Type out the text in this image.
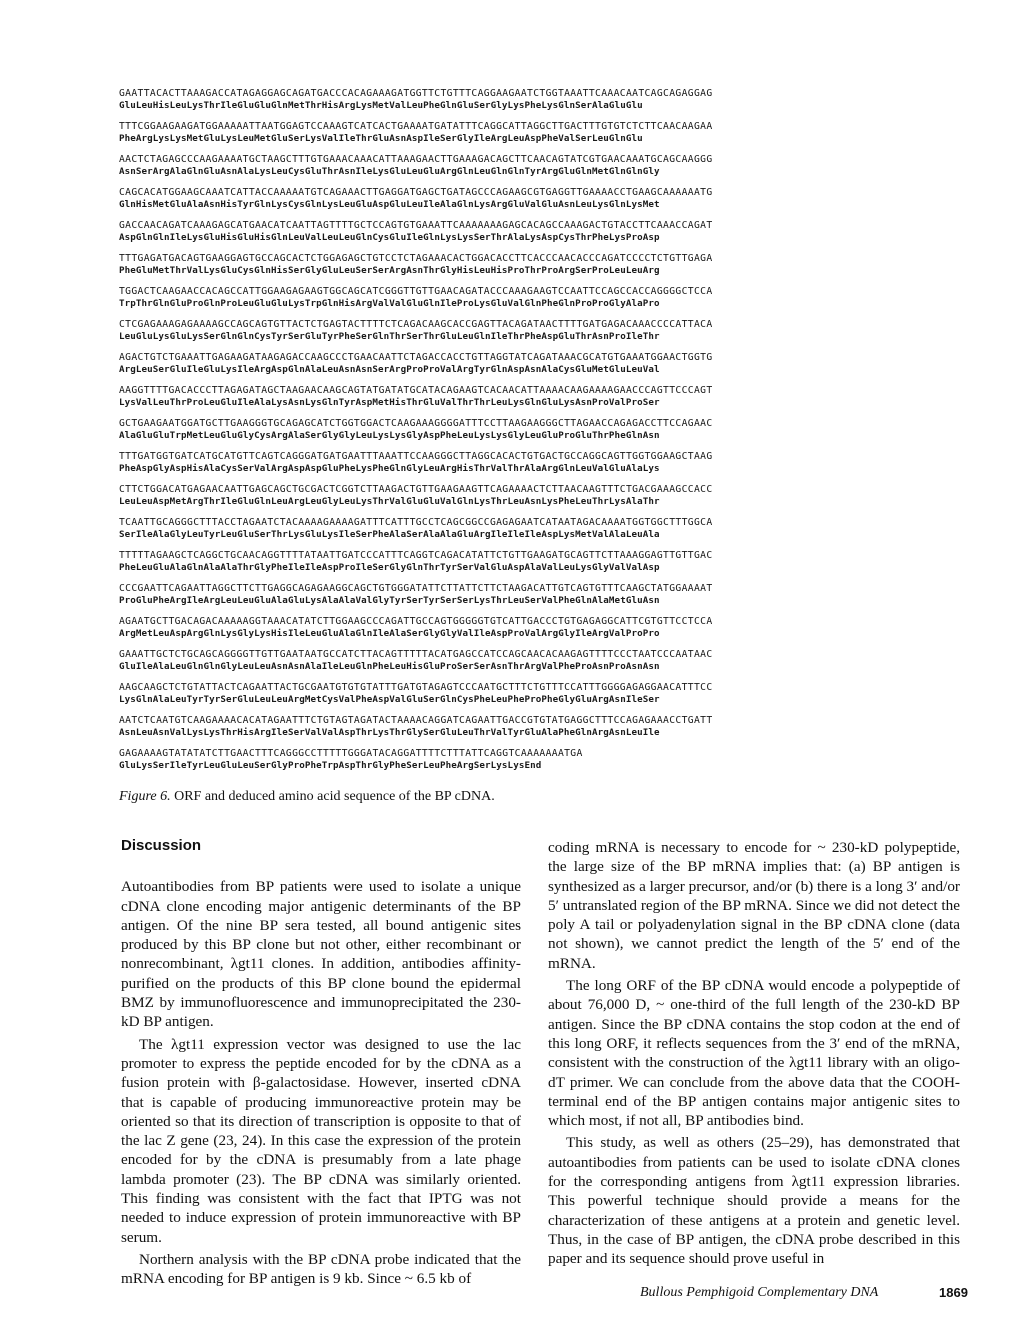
GAATTACACTTAAAGACCATAGAGGAGCAGATGACCCACAGAAAGATGGTTCTGTTTCAGGAAGAATCTGGTAAATTCAAACAATCAGCAGAGGAG
GluLeuHisLeuLysThrIleGluGluGlnMetThrHisArgLysMetValLeuPheGlnGluSerGlyLysPheLysGlnSerAlaGluGlu
TTTCGGAAGAAGATGGAAAAATTAATGGAGTCCAAAGTCATCACTGAAAATGATATTTCAGGCATTAGGCTTGACTTTGTGTCTCTTCAACAAGAA
PheArgLysLysMetGluLysLeuMetGluSerLysValIleThrGluAsnAspIleSerGlyIleArgLeuAspPheValSerLeuGlnGlu
AACTCTAGAGCCCAAGAAAATGCTAAGCTTTGTGAAACAAACATTAAAGAACTTGAAAGACAGCTTCAACAGTATCGTGAACAAATGCAGCAAGGG
AsnSerArgAlaGlnGluAsnAlaLysLeuCysGluThrAsnIleLysGluLeuGluArgGlnLeuGlnGlnTyrArgGluGlnMetGlnGlnGly
CAGCACATGGAAGCAAATCATTACCAAAAATGTCAGAAACTTGAGGATGAGCTGATAGCCCAGAAGCGTGAGGTTGAAAACCTGAAGCAAAAAATG
GlnHisMetGluAlaAsnHisTyrGlnLysCysGlnLysLeuGluAspGluLeuIleAlaGlnLysArgGluValGluAsnLeuLysGlnLysMet
GACCAACAGATCAAAGAGCATGAACATCAATTAGTTTTGCTCCAGTGTGAAATTCAAAAAAAGAGCACAGCCAAAGACTGTACCTTCAAACCAGAT
AspGlnGlnIleLysGluHisGluHisGlnLeuValLeuLeuGlnCysGluIleGlnLysLysSerThrAlaLysAspCysThrPheLysProAsp
TTTGAGATGACAGTGAAGGAGTGCCAGCACTCTGGAGAGCTGTCCTCTAGAAACACTGGACACCTTCACCCAACACCCAGATCCCCTCTGTTGAGA
PheGluMetThrValLysGluCysGlnHisSerGlyGluLeuSerSerArgAsnThrGlyHisLeuHisProThrProArgSerProLeuLeuArg
TGGACTCAAGAACCACAGCCATTGGAAGAGAAGTGGCAGCATCGGGTTGTTGAACAGATACCCAAAGAAGTCCAATTCCAGCCACCAGGGGCTCCA
TrpThrGlnGluProGlnProLeuGluGluLysTrpGlnHisArgValValGluGlnIleProLysGluValGlnPheGlnProProGlyAlaPro
CTCGAGAAAGAGAAAAGCCAGCAGTGTTACTCTGAGTACTTTTCTCAGACAAGCACCGAGTTACAGATAACTTTTGATGAGACAAACCCCATTACA
LeuGluLysGluLysSerGlnGlnCysTyrSerGluTyrPheSerGlnThrSerThrGluLeuGlnIleThrPheAspGluThrAsnProIleThr
AGACTGTCTGAAATTGAGAAGATAAGAGACCAAGCCCTGAACAATTCTAGACCACCTGTTAGGTATCAGATAAACGCATGTGAAATGGAACTGGTG
ArgLeuSerGluIleGluLysIleArgAspGlnAlaLeuAsnAsnSerArgProProValArgTyrGlnAspAsnAlaCysGluMetGluLeuVal
AAGGTTTTGACACCCTTAGAGATAGCTAAGAACAAGCAGTATGATATGCATACAGAAGTCACAACATTAAAACAAGAAAAGAACCCAGTTCCCAGT
LysValLeuThrProLeuGluIleAlaLysAsnLysGlnTyrAspMetHisThrGluValThrThrLeuLysGlnGluLysAsnProValProSer
GCTGAAGAATGGATGCTTGAAGGGTGCAGAGCATCTGGTGGACTCAAGAAAGGGGATTTCCTTAAGAAGGGCTTAGAACCAGAGACCTTCCAGAAC
AlaGluGluTrpMetLeuGluGlyCysArgAlaSerGlyGlyLeuLysLysGlyAspPheLeuLysLysGlyLeuGluProGluThrPheGlnAsn
TTTGATGGTGATCATGCATGTTCAGTCAGGGATGATGAATTTAAATTCCAAGGGCTTAGGCACACTGTGACTGCCAGGCAGTTGGTGGAAGCTAAG
PheAspGlyAspHisAlaCysSerValArgAspAspGluPheLysPheGlnGlyLeuArgHisThrValThrAlaArgGlnLeuValGluAlaLys
CTTCTGGACATGAGAACAATTGAGCAGCTGCGACTCGGTCTTAAGACTGTTGAAGAAGTTCAGAAAACTCTTAACAAGTTTCTGACGAAAGCCACC
LeuLeuAspMetArgThrIleGluGlnLeuArgLeuGlyLeuLysThrValGluGluValGlnLysThrLeuAsnLysPheLeuThrLysAlaThr
TCAATTGCAGGGCTTTACCTAGAATCTACAAAAGAAAAGATTTCATTTGCCTCAGCGGCCGAGAGAATCATAATAGACAAAATGGTGGCTTTGGCA
SerIleAlaGlyLeuTyrLeuGluSerThrLysGluLysIleSerPheAlaSerAlaAlaGluArgIleIleIleAspLysMetValAlaLeuAla
TTTTTAGAAGCTCAGGCTGCAACAGGTTTTATAATTGATCCCATTTCAGGTCAGACATATTCTGTTGAAGATGCAGTTCTTAAAGGAGTTGTTGAC
PheLeuGluAlaGlnAlaAlaThrGlyPheIleIleAspProIleSerGlyGlnThrTyrSerValGluAspAlaValLeuLysGlyValValAsp
CCCGAATTCAGAATTAGGCTTCTTGAGGCAGAGAAGGCAGCTGTGGGATATTCTTATTCTTCTAAGACATTGTCAGTGTTTCAAGCTATGGAAAAT
ProGluPheArgIleArgLeuLeuGluAlaGluLysAlaAlaValGlyTyrSerTyrSerSerLysThrLeuSerValPheGlnAlaMetGluAsn
AGAATGCTTGACAGACAAAAAGGTAAACATATCTTGGAAGCCCAGATTGCCAGTGGGGGTGTCATTGACCCTGTGAGAGGCATTCGTGTTCCTCCA
ArgMetLeuAspArgGlnLysGlyLysHisIleLeuGluAlaGlnIleAlaSerGlyGlyValIleAspProValArgGlyIleArgValProPro
GAAATTGCTCTGCAGCAGGGGTTGTTGAATAATGCCATCTTACAGTTTTTACATGAGCCATCCAGCAACACAAGAGTTTTCCCTAATCCCAATAAC
GluIleAlaLeuGlnGlnGlyLeuLeuAsnAsnAlaIleLeuGlnPheLeuHisGluProSerSerAsnThrArgValPheProAsnProAsnAsn
AAGCAAGCTCTGTATTACTCAGAATTACTGCGAATGTGTGTATTTGATGTAGAGTCCCAATGCTTTCTGTTTCCATTTGGGGAGAGGAACATTTCC
LysGlnAlaLeuTyrTyrSerGluLeuLeuArgMetCysValPheAspValGluSerGlnCysPheLeuPheProPheGlyGluArgAsnIleSer
AATCTCAATGTCAAGAAAACACATAGAATTTCTGTAGTAGATACTAAAACAGGATCAGAATTGACCGTGTATGAGGCTTTCCAGAGAAACCTGATT
AsnLeuAsnValLysLysThrHisArgIleSerValValAspThrLysThrGlySerGluLeuThrValTyrGluAlaPheGlnArgAsnLeuIle
GAGAAAAGTATATATCTTGAACTTTCAGGGCCTTTTTGGGATACAGGATTTTCTTTATTCAGGTCAAAAAAATGA
GluLysSerIleTyrLeuGluLeuSerGlyProPheTrpAspThrGlyPheSerLeuPheArgSerLysLysEnd
Figure 6. ORF and deduced amino acid sequence of the BP cDNA.
Discussion

Autoantibodies from BP patients were used to isolate a unique cDNA clone encoding major antigenic determinants of the BP antigen. Of the nine BP sera tested, all bound antigenic sites produced by this BP clone but not other, either recombinant or nonrecombinant, λgt11 clones. In addition, antibodies affinity-purified on the products of this BP clone bound the epidermal BMZ by immunofluorescence and immunoprecipitated the 230-kD BP antigen.

The λgt11 expression vector was designed to use the lac promoter to express the peptide encoded for by the cDNA as a fusion protein with β-galactosidase. However, inserted cDNA that is capable of producing immunoreactive protein may be oriented so that its direction of transcription is opposite to that of the lac Z gene (23, 24). In this case the expression of the protein encoded for by the cDNA is presumably from a late phage lambda promoter (23). The BP cDNA was similarly oriented. This finding was consistent with the fact that IPTG was not needed to induce expression of protein immunoreactive with BP serum.

Northern analysis with the BP cDNA probe indicated that the mRNA encoding for BP antigen is 9 kb. Since ~ 6.5 kb of

coding mRNA is necessary to encode for ~ 230-kD polypeptide, the large size of the BP mRNA implies that: (a) BP antigen is synthesized as a larger precursor, and/or (b) there is a long 3′ and/or 5′ untranslated region of the BP mRNA. Since we did not detect the poly A tail or polyadenylation signal in the BP cDNA clone (data not shown), we cannot predict the length of the 5′ end of the mRNA.

The long ORF of the BP cDNA would encode a polypeptide of about 76,000 D, ~ one-third of the full length of the 230-kD BP antigen. Since the BP cDNA contains the stop codon at the end of this long ORF, it reflects sequences from the 3′ end of the mRNA, consistent with the construction of the λgt11 library with an oligo-dT primer. We can conclude from the above data that the COOH-terminal end of the BP antigen contains major antigenic sites to which most, if not all, BP antibodies bind.

This study, as well as others (25–29), has demonstrated that autoantibodies from patients can be used to isolate cDNA clones for the corresponding antigens from λgt11 expression libraries. This powerful technique should provide a means for the characterization of these antigens at a protein and genetic level. Thus, in the case of BP antigen, the cDNA probe described in this paper and its sequence should prove useful in

Bullous Pemphigoid Complementary DNA	1869
